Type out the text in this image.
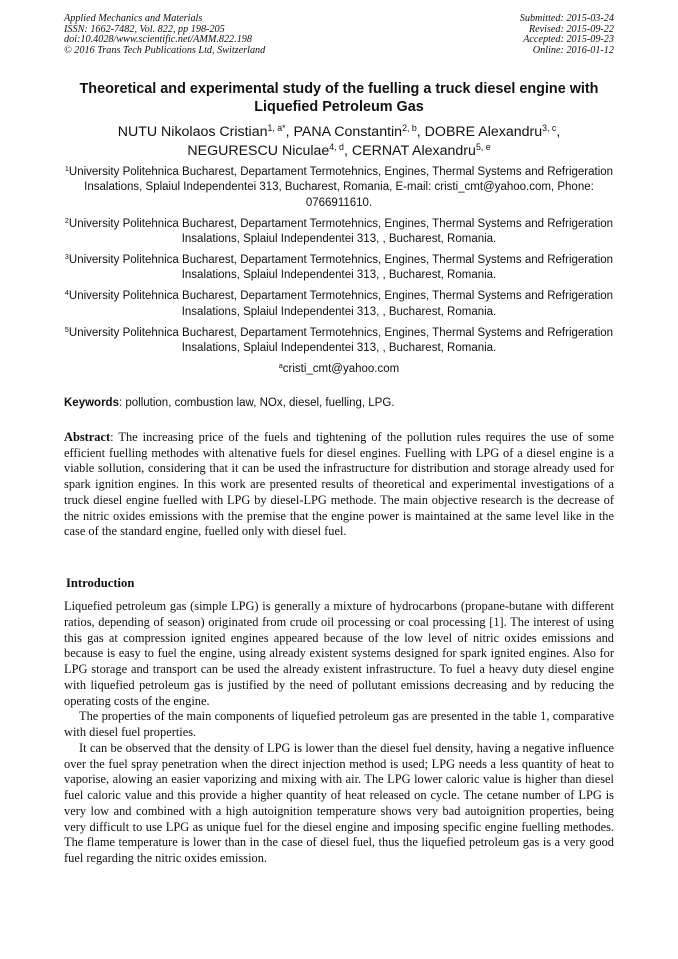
Applied Mechanics and Materials
ISSN: 1662-7482, Vol. 822, pp 198-205
doi:10.4028/www.scientific.net/AMM.822.198
© 2016 Trans Tech Publications Ltd, Switzerland
Submitted: 2015-03-24
Revised: 2015-09-22
Accepted: 2015-09-23
Online: 2016-01-12
Theoretical and experimental study of the fuelling a truck diesel engine with Liquefied Petroleum Gas
NUTU Nikolaos Cristian$^{1, a*}$, PANA Constantin$^{2, b}$, DOBRE Alexandru$^{3, c}$,
NEGURESCU Niculae$^{4, d}$, CERNAT Alexandru$^{5, e}$
$^1$University Politehnica Bucharest, Departament Termotehnics, Engines, Thermal Systems and Refrigeration Insalations, Splaiul Independentei 313, Bucharest, Romania, E-mail: cristi_cmt@yahoo.com, Phone: 0766911610.
$^2$University Politehnica Bucharest, Departament Termotehnics, Engines, Thermal Systems and Refrigeration Insalations, Splaiul Independentei 313, , Bucharest, Romania.
$^3$University Politehnica Bucharest, Departament Termotehnics, Engines, Thermal Systems and Refrigeration Insalations, Splaiul Independentei 313, , Bucharest, Romania.
$^4$University Politehnica Bucharest, Departament Termotehnics, Engines, Thermal Systems and Refrigeration Insalations, Splaiul Independentei 313, , Bucharest, Romania.
$^5$University Politehnica Bucharest, Departament Termotehnics, Engines, Thermal Systems and Refrigeration Insalations, Splaiul Independentei 313, , Bucharest, Romania.
$^a$cristi_cmt@yahoo.com
Keywords: pollution, combustion law, NOx, diesel, fuelling, LPG.
Abstract: The increasing price of the fuels and tightening of the pollution rules requires the use of some efficient fuelling methodes with altenative fuels for diesel engines. Fuelling with LPG of a diesel engine is a viable sollution, considering that it can be used the infrastructure for distribution and storage already used for spark ignition engines. In this work are presented results of theoretical and experimental investigations of a truck diesel engine fuelled with LPG by diesel-LPG methode. The main objective research is the decrease of the nitric oxides emissions with the premise that the engine power is maintained at the same level like in the case of the standard engine, fuelled only with diesel fuel.
Introduction

Liquefied petroleum gas (simple LPG) is generally a mixture of hydrocarbons (propane-butane with different ratios, depending of season) originated from crude oil processing or coal processing [1]. The interest of using this gas at compression ignited engines appeared because of the low level of nitric oxides emissions and because is easy to fuel the engine, using already existent systems designed for spark ignited engines. Also for LPG storage and transport can be used the already existent infrastructure. To fuel a heavy duty diesel engine with liquefied petroleum gas is justified by the need of pollutant emissions decreasing and by reducing the operating costs of the engine.

The properties of the main components of liquefied petroleum gas are presented in the table 1, comparative with diesel fuel properties.

It can be observed that the density of LPG is lower than the diesel fuel density, having a negative influence over the fuel spray penetration when the direct injection method is used; LPG needs a less quantity of heat to vaporise, alowing an easier vaporizing and mixing with air. The LPG lower caloric value is higher than diesel fuel caloric value and this provide a higher quantity of heat released on cycle. The cetane number of LPG is very low and combined with a high autoignition temperature shows very bad autoignition properties, being very difficult to use LPG as unique fuel for the diesel engine and imposing specific engine fuelling methodes. The flame temperature is lower than in the case of diesel fuel, thus the liquefied petroleum gas is a very good fuel regarding the nitric oxides emission.
